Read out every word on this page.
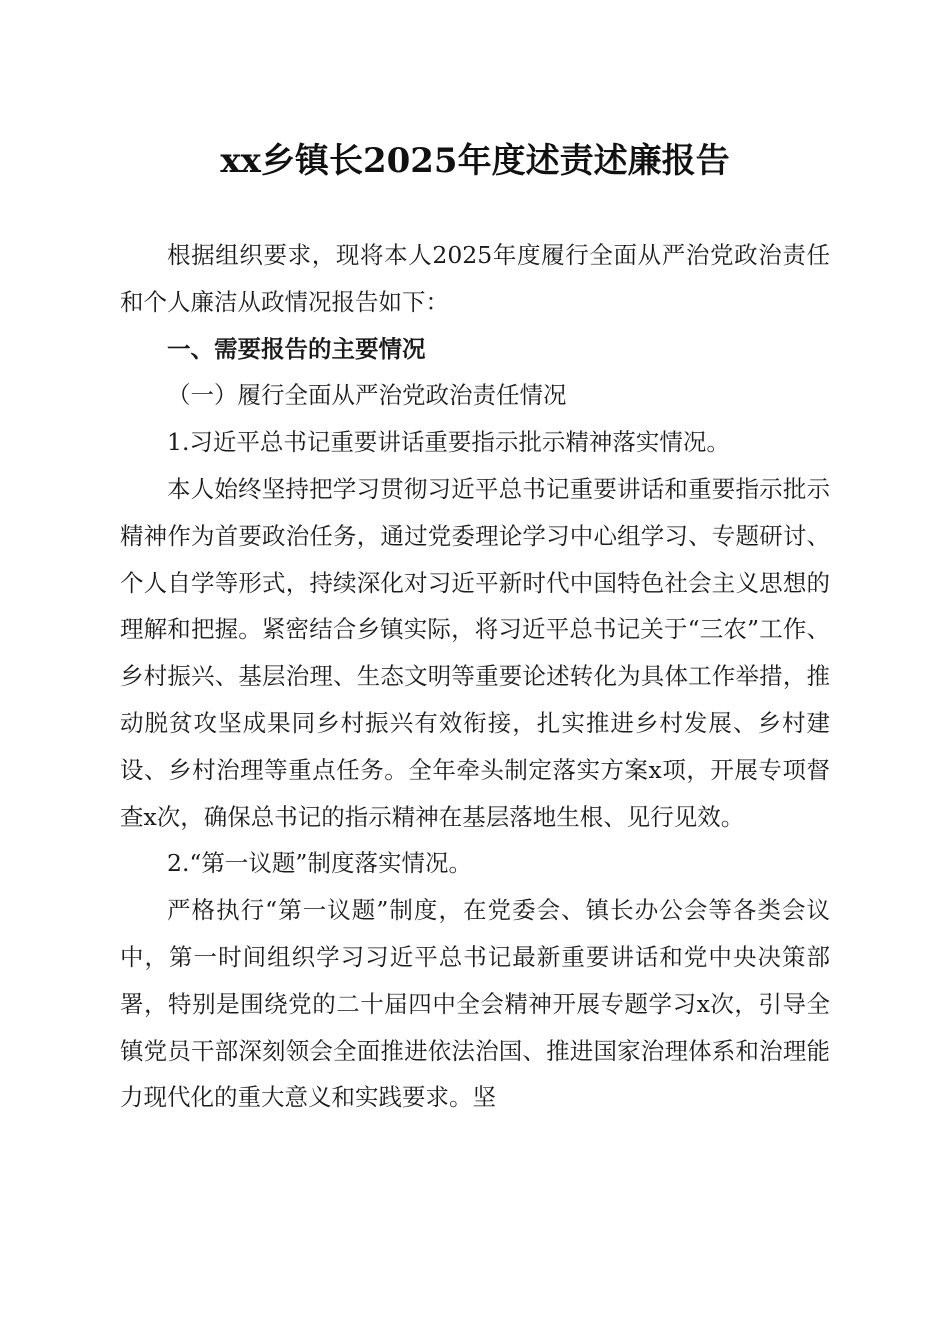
xx乡镇长2025年度述责述廉报告

根据组织要求，现将本人2025年度履行全面从严治党政治责任和个人廉洁从政情况报告如下：

一、需要报告的主要情况

（一）履行全面从严治党政治责任情况

1.习近平总书记重要讲话重要指示批示精神落实情况。

本人始终坚持把学习贯彻习近平总书记重要讲话和重要指示批示精神作为首要政治任务，通过党委理论学习中心组学习、专题研讨、个人自学等形式，持续深化对习近平新时代中国特色社会主义思想的理解和把握。紧密结合乡镇实际，将习近平总书记关于“三农”工作、乡村振兴、基层治理、生态文明等重要论述转化为具体工作举措，推动脱贫攻坚成果同乡村振兴有效衔接，扎实推进乡村发展、乡村建设、乡村治理等重点任务。全年牵头制定落实方案x项，开展专项督查x次，确保总书记的指示精神在基层落地生根、见行见效。

2.“第一议题”制度落实情况。

严格执行“第一议题”制度，在党委会、镇长办公会等各类会议中，第一时间组织学习习近平总书记最新重要讲话和党中央决策部署，特别是围绕党的二十届四中全会精神开展专题学习x次，引导全镇党员干部深刻领会全面推进依法治国、推进国家治理体系和治理能力现代化的重大意义和实践要求。坚
